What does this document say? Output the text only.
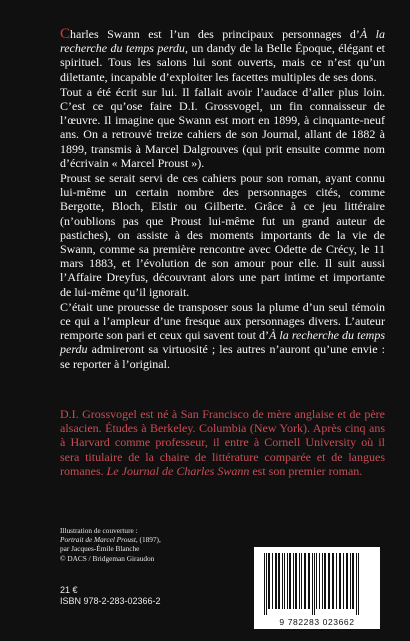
Charles Swann est l’un des principaux personnages d’À la recherche du temps perdu, un dandy de la Belle Époque, élégant et spirituel. Tous les salons lui sont ouverts, mais ce n’est qu’un dilettante, incapable d’exploiter les facettes multiples de ses dons.

Tout a été écrit sur lui. Il fallait avoir l’audace d’aller plus loin. C’est ce qu’ose faire D.I. Grossvogel, un fin connaisseur de l’œuvre. Il imagine que Swann est mort en 1899, à cinquante-neuf ans. On a retrouvé treize cahiers de son Journal, allant de 1882 à 1899, transmis à Marcel Dalgrouves (qui prit ensuite comme nom d’écrivain « Marcel Proust »).

Proust se serait servi de ces cahiers pour son roman, ayant connu lui-même un certain nombre des personnages cités, comme Bergotte, Bloch, Elstir ou Gilberte. Grâce à ce jeu littéraire (n’oublions pas que Proust lui-même fut un grand auteur de pastiches), on assiste à des moments importants de la vie de Swann, comme sa première rencontre avec Odette de Crécy, le 11 mars 1883, et l’évolution de son amour pour elle. Il suit aussi l’Affaire Dreyfus, découvrant alors une part intime et importante de lui-même qu’il ignorait.

C’était une prouesse de transposer sous la plume d’un seul témoin ce qui a l’ampleur d’une fresque aux personnages divers. L’auteur remporte son pari et ceux qui savent tout d’À la recherche du temps perdu admireront sa virtuosité ; les autres n’auront qu’une envie : se reporter à l’original.

D.I. Grossvogel est né à San Francisco de mère anglaise et de père alsacien. Études à Berkeley. Columbia (New York). Après cinq ans à Harvard comme professeur, il entre à Cornell University où il sera titulaire de la chaire de littérature comparée et de langues romanes. Le Journal de Charles Swann est son premier roman.

Illustration de couverture :

Portrait de Marcel Proust, (1897),

par Jacques-Émile Blanche

© DACS / Bridgeman Giraudon

21 €

ISBN 978-2-283-02366-2

9 782283 023662
